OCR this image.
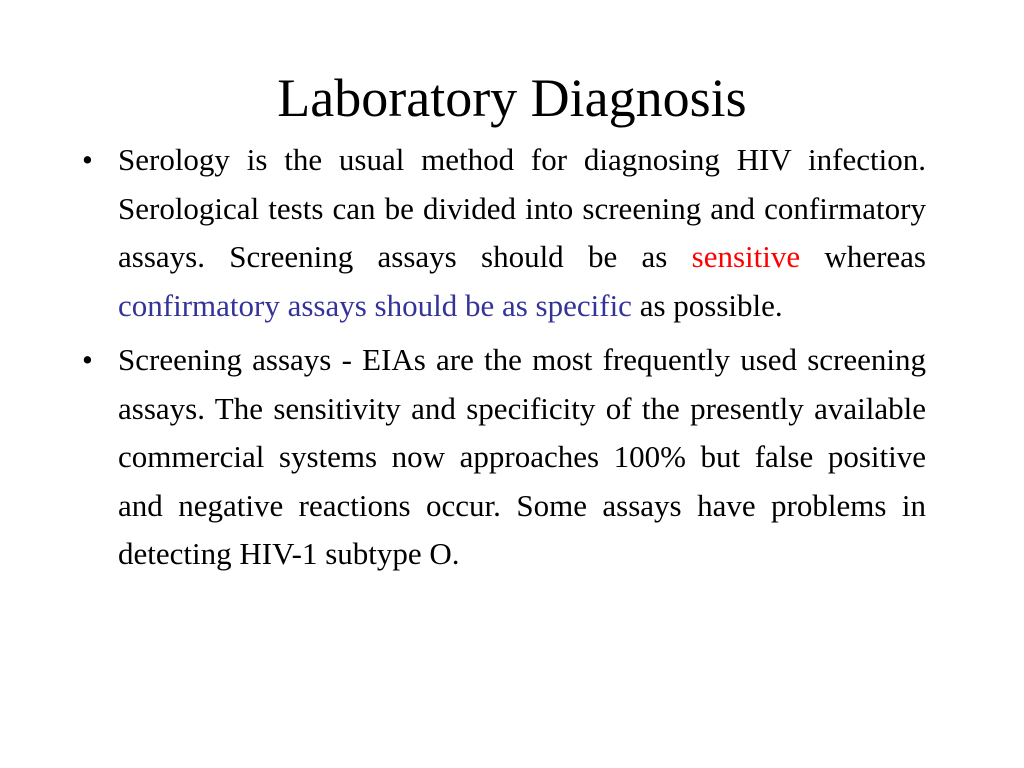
Laboratory Diagnosis
• Serology is the usual method for diagnosing HIV infection. Serological tests can be divided into screening and confirmatory assays. Screening assays should be as sensitive whereas confirmatory assays should be as specific as possible.
• Screening assays - EIAs are the most frequently used screening assays. The sensitivity and specificity of the presently available commercial systems now approaches 100% but false positive and negative reactions occur. Some assays have problems in detecting HIV-1 subtype O.
